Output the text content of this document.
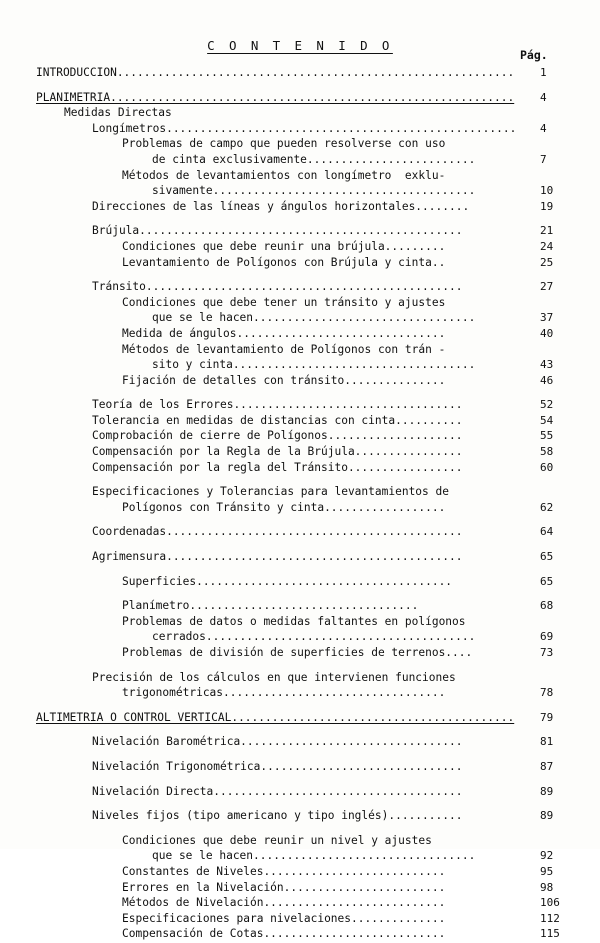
C O N T E N I D O
Pág.
INTRODUCCION........................................................... 1
PLANIMETRIA............................................................ 4
Medidas Directas
Longímetros.................................................... 4
Problemas de campo que pueden resolverse con uso
de cinta exclusivamente.........................	7
Métodos de levantamientos con longímetro  exklu-
sivamente.......................................	10
Direcciones de las líneas y ángulos horizontales........	19
Brújula................................................	21
Condiciones que debe reunir una brújula.........	24
Levantamiento de Polígonos con Brújula y cinta..	25
Tránsito...............................................	27
Condiciones que debe tener un tránsito y ajustes
que se le hacen.................................	37
Medida de ángulos...............................	40
Métodos de levantamiento de Polígonos con trán -
sito y cinta....................................	43
Fijación de detalles con tránsito...............	46
Teoría de los Errores..................................	52
Tolerancia en medidas de distancias con cinta..........	54
Comprobación de cierre de Polígonos....................	55
Compensación por la Regla de la Brújula................	58
Compensación por la regla del Tránsito.................	60
Especificaciones y Tolerancias para levantamientos de
Polígonos con Tránsito y cinta..................	62
Coordenadas............................................	64
Agrimensura............................................	65
Superficies......................................	65
Planímetro..................................	68
Problemas de datos o medidas faltantes en polígonos
cerrados........................................	69
Problemas de división de superficies de terrenos....	73
Precisión de los cálculos en que intervienen funciones
trigonométricas.................................	78
ALTIMETRIA O CONTROL VERTICAL.......................................... 79
Nivelación Barométrica.................................	81
Nivelación Trigonométrica..............................	87
Nivelación Directa.....................................	89
Niveles fijos (tipo americano y tipo inglés)...........	89
Condiciones que debe reunir un nivel y ajustes
que se le hacen.................................	92
Constantes de Niveles...........................	95
Errores en la Nivelación........................	98
Métodos de Nivelación...........................	106
Especificaciones para nivelaciones..............	112
Compensación de Cotas...........................	115
